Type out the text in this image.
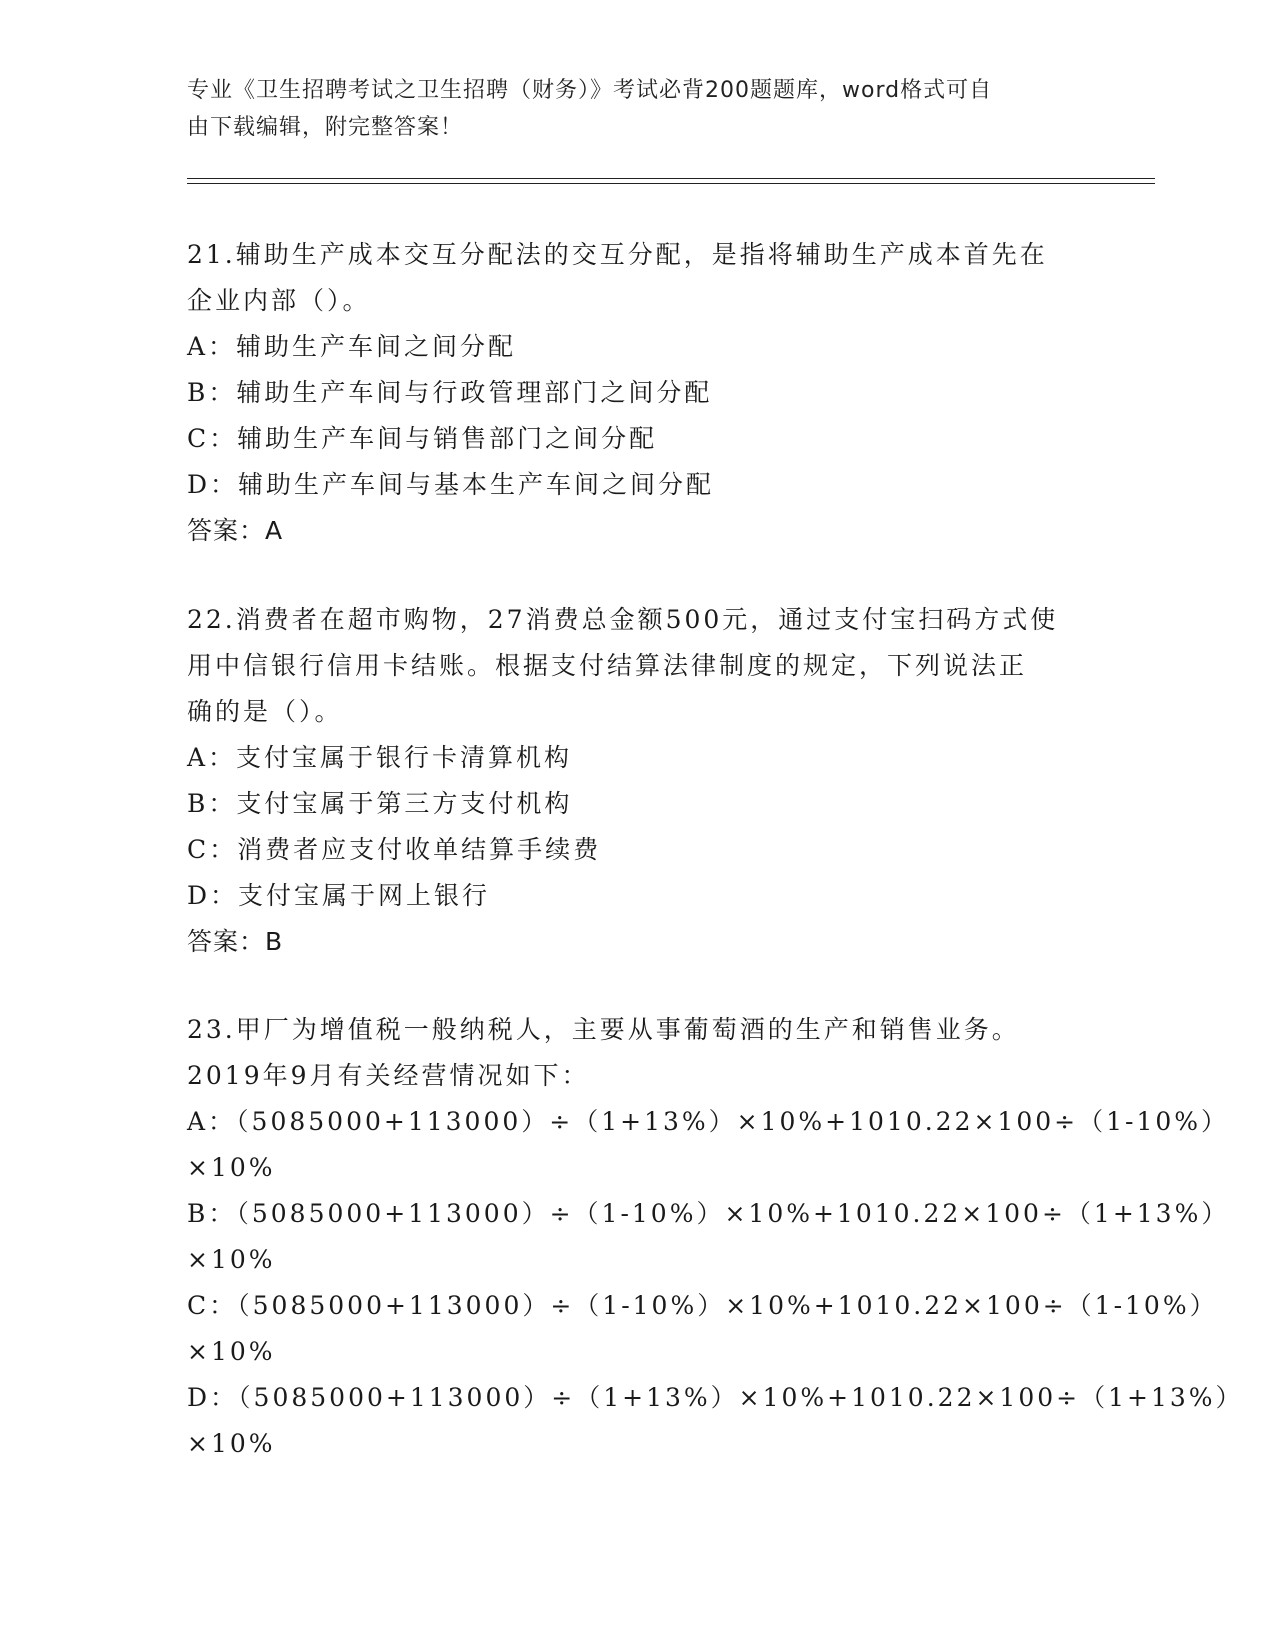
专业《卫生招聘考试之卫生招聘（财务）》考试必背200题题库，word格式可自
由下载编辑，附完整答案！
21.辅助生产成本交互分配法的交互分配，是指将辅助生产成本首先在
企业内部（）。
A：辅助生产车间之间分配
B：辅助生产车间与行政管理部门之间分配
C：辅助生产车间与销售部门之间分配
D：辅助生产车间与基本生产车间之间分配
答案：A
22.消费者在超市购物，27消费总金额500元，通过支付宝扫码方式使
用中信银行信用卡结账。根据支付结算法律制度的规定，下列说法正
确的是（）。
A：支付宝属于银行卡清算机构
B：支付宝属于第三方支付机构
C：消费者应支付收单结算手续费
D：支付宝属于网上银行
答案：B
23.甲厂为增值税一般纳税人，主要从事葡萄酒的生产和销售业务。
2019年9月有关经营情况如下：
A：（5085000+113000）÷（1+13%）×10%+1010.22×100÷（1-10%）
×10%
B：（5085000+113000）÷（1-10%）×10%+1010.22×100÷（1+13%）
×10%
C：（5085000+113000）÷（1-10%）×10%+1010.22×100÷（1-10%）
×10%
D：（5085000+113000）÷（1+13%）×10%+1010.22×100÷（1+13%）
×10%
